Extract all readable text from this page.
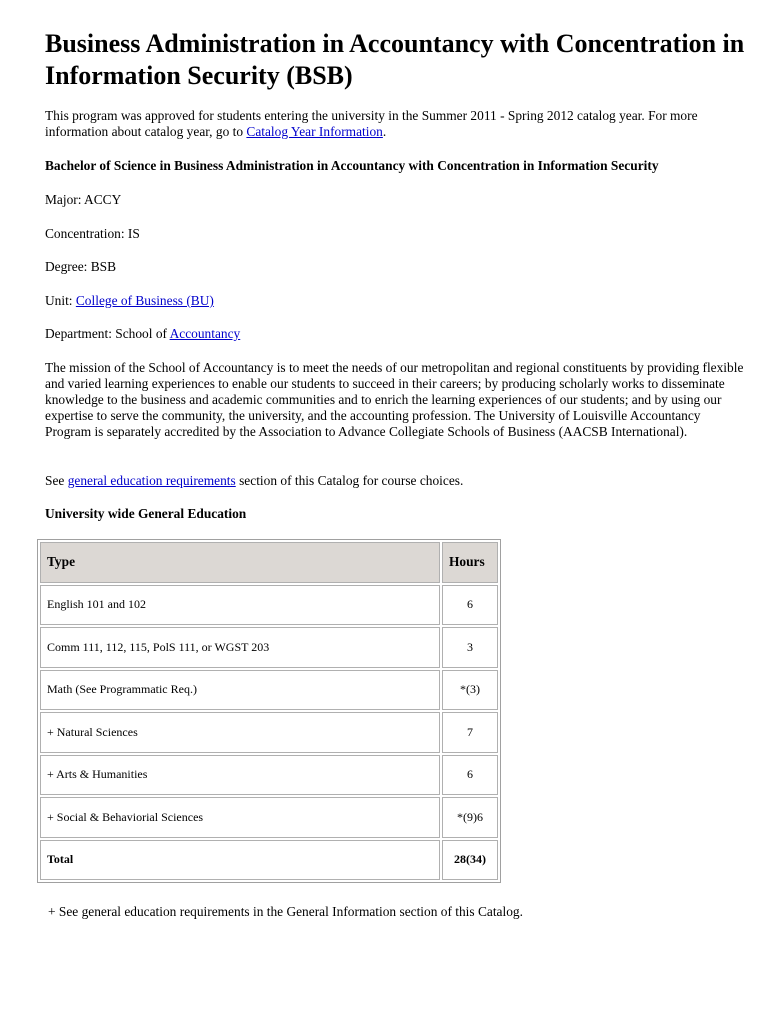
Business Administration in Accountancy with Concentration in Information Security (BSB)

This program was approved for students entering the university in the Summer 2011 - Spring 2012 catalog year. For more information about catalog year, go to Catalog Year Information.

Bachelor of Science in Business Administration in Accountancy with Concentration in Information Security

Major: ACCY

Concentration: IS

Degree: BSB

Unit: College of Business (BU)

Department: School of Accountancy

The mission of the School of Accountancy is to meet the needs of our metropolitan and regional constituents by providing flexible and varied learning experiences to enable our students to succeed in their careers; by producing scholarly works to disseminate knowledge to the business and academic communities and to enrich the learning experiences of our students; and by using our expertise to serve the community, the university, and the accounting profession. The University of Louisville Accountancy Program is separately accredited by the Association to Advance Collegiate Schools of Business (AACSB International).

See general education requirements section of this Catalog for course choices.

University wide General Education

Type	Hours
English 101 and 102	6
Comm 111, 112, 115, PolS 111, or WGST 203	3
Math (See Programmatic Req.)	*(3)
+ Natural Sciences	7
+ Arts & Humanities	6
+ Social & Behaviorial Sciences	*(9)6
Total	28(34)

+ See general education requirements in the General Information section of this Catalog.
